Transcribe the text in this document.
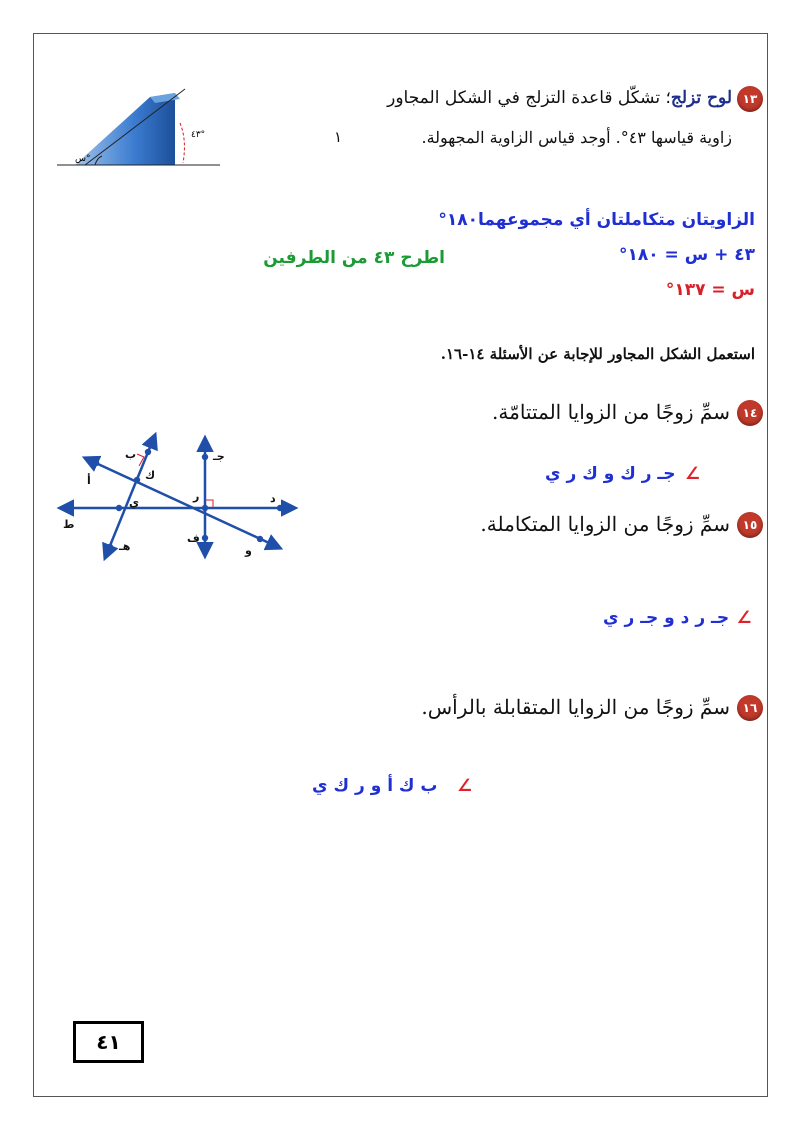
١٣
لوح تزلج؛ تشكّل قاعدة التزلج في الشكل المجاور
زاوية قياسها ٤٣°. أوجد قياس الزاوية المجهولة.
١
٤٣°
س°
الزاويتان متكاملتان أي مجموعهما١٨٠°
٤٣ + س = ١٨٠°
اطرح ٤٣ من الطرفين
س = ١٣٧°
استعمل الشكل المجاور للإجابة عن الأسئلة ١٤-١٦.
١٤
سمِّ زوجًا من الزوايا المتتامّة.
جـ ر ك و ك ر ي ∠
١٥
سمِّ زوجًا من الزوايا المتكاملة.
جـ ر د و جـ ر ي ∠
١٦
سمِّ زوجًا من الزوايا المتقابلة بالرأس.
ب ك أ و ر ك ي ∠
ب
أ	ك
ي
ط
هـ
جـ
ر	د
ف
و
٤١
